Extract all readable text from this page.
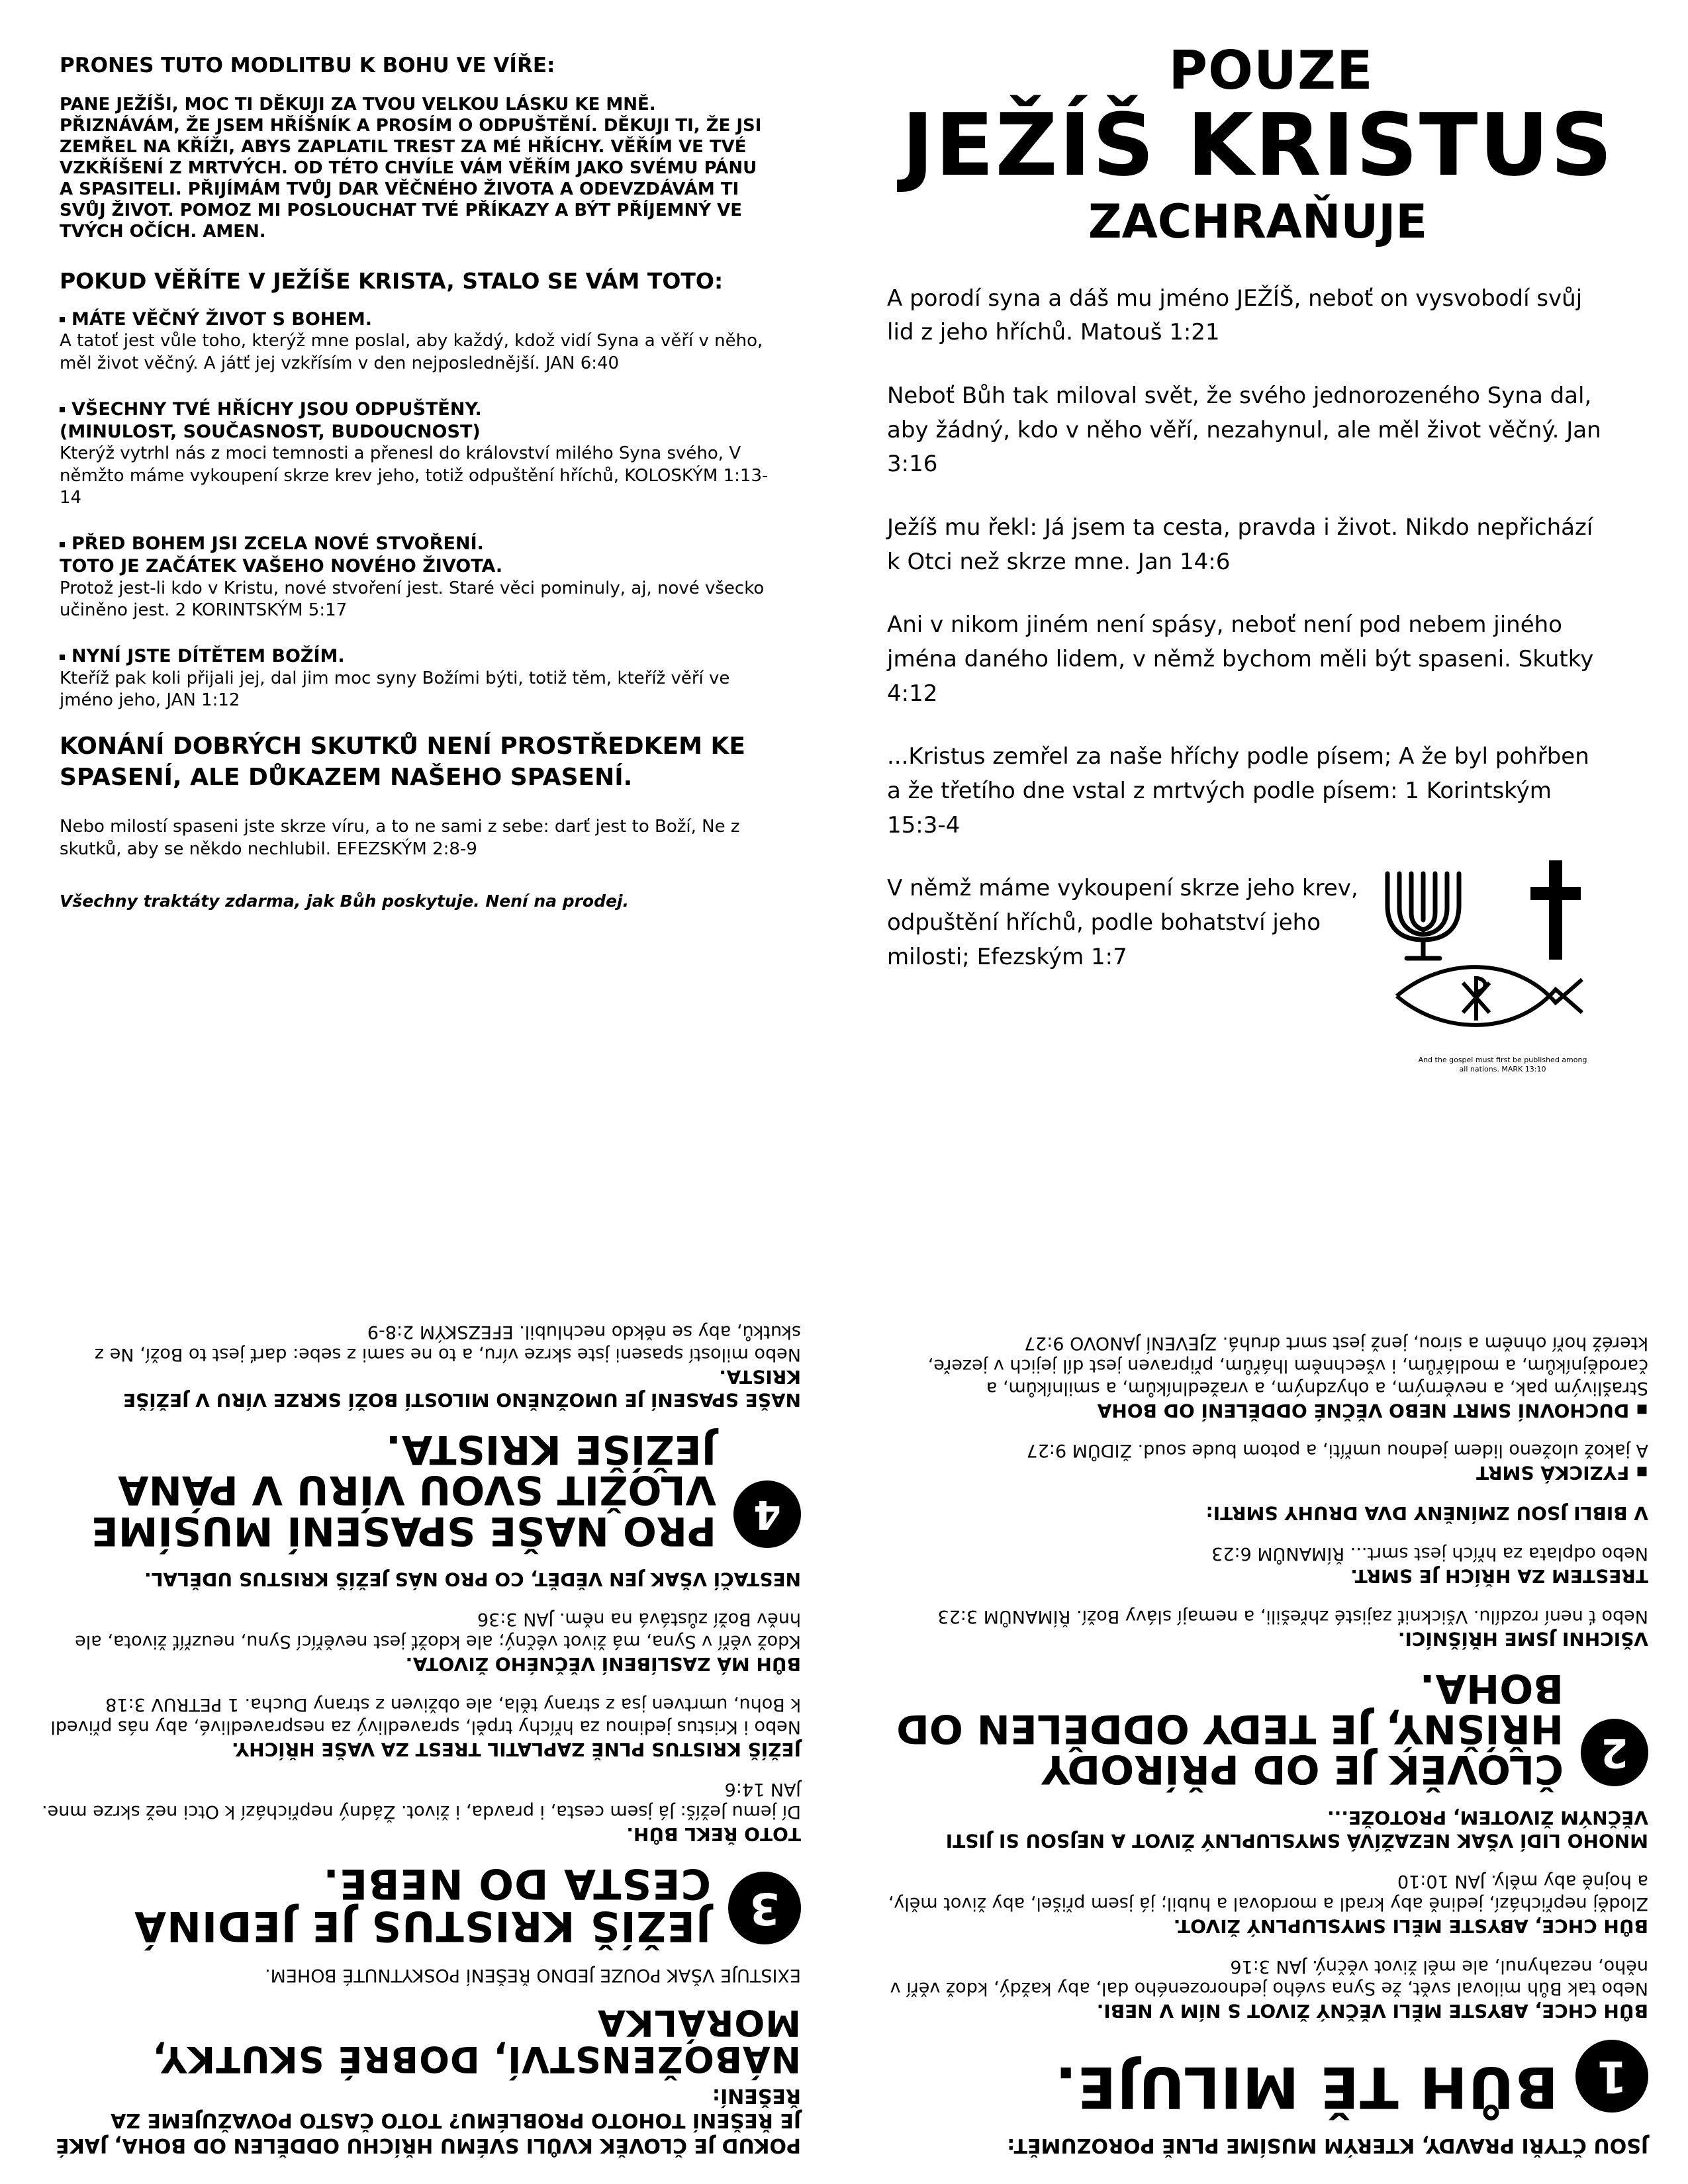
PRONES TUTO MODLITBU K BOHU VE VÍŘE:
PANE JEŽÍŠI, MOC TI DĚKUJI ZA TVOU VELKOU LÁSKU KE MNĚ. PŘIZNÁVÁM, ŽE JSEM HŘÍŠNÍK A PROSÍM O ODPUŠTĚNÍ. DĚKUJI TI, ŽE JSI ZEMŘEL NA KŘÍŽI, ABYS ZAPLATIL TREST ZA MÉ HŘÍCHY. VĚŘÍM VE TVÉ VZKŘÍŠENÍ Z MRTVÝCH. OD TÉTO CHVÍLE VÁM VĚŘÍM JAKO SVÉMU PÁNU A SPASITELI. PŘIJÍMÁM TVŮJ DAR VĚČNÉHO ŽIVOTA A ODEVZDÁVÁM TI SVŮJ ŽIVOT. POMOZ MI POSLOUCHAT TVÉ PŘÍKAZY A BÝT PŘÍJEMNÝ VE TVÝCH OČÍCH. AMEN.
POKUD VĚŘÍTE V JEŽÍŠE KRISTA, STALO SE VÁM TOTO:
MÁTE VĚČNÝ ŽIVOT S BOHEM.
A tatoť jest vůle toho, kterýž mne poslal, aby každý, kdož vidí Syna a věří v něho, měl život věčný. A játť jej vzkřísím v den nejposlednější. JAN 6:40
VŠECHNY TVÉ HŘÍCHY JSOU ODPUŠTĚNY.
(MINULOST, SOUČASNOST, BUDOUCNOST)
Kterýž vytrhl nás z moci temnosti a přenesl do království milého Syna svého, V němžto máme vykoupení skrze krev jeho, totiž odpuštění hříchů, KOLOSKÝM 1:13-14
PŘED BOHEM JSI ZCELA NOVÉ STVOŘENÍ.
TOTO JE ZAČÁTEK VAŠEHO NOVÉHO ŽIVOTA.
Protož jest-li kdo v Kristu, nové stvoření jest. Staré věci pominuly, aj, nové všecko učiněno jest. 2 KORINTSKÝM 5:17
NYNÍ JSTE DÍTĚTEM BOŽÍM.
Kteříž pak koli přijali jej, dal jim moc syny Božími býti, totiž těm, kteříž věří ve jméno jeho, JAN 1:12
KONÁNÍ DOBRÝCH SKUTKŮ NENÍ PROSTŘEDKEM KE SPASENÍ, ALE DŮKAZEM NAŠEHO SPASENÍ.
Nebo milostí spaseni jste skrze víru, a to ne sami z sebe: darť jest to Boží, Ne z skutků, aby se někdo nechlubil. EFEZSKÝM 2:8-9
Všechny traktáty zdarma, jak Bůh poskytuje. Není na prodej.
POUZE
JEŽÍŠ KRISTUS
ZACHRAŇUJE
A porodí syna a dáš mu jméno JEŽÍŠ, neboť on vysvobodí svůj lid z jeho hříchů. Matouš 1:21
Neboť Bůh tak miloval svět, že svého jednorozeného Syna dal, aby žádný, kdo v něho věří, nezahynul, ale měl život věčný. Jan 3:16
Ježíš mu řekl: Já jsem ta cesta, pravda i život. Nikdo nepřichází k Otci než skrze mne. Jan 14:6
Ani v nikom jiném není spásy, neboť není pod nebem jiného jména daného lidem, v němž bychom měli být spaseni. Skutky 4:12
...Kristus zemřel za naše hříchy podle písem; A že byl pohřben a že třetího dne vstal z mrtvých podle písem: 1 Korintským 15:3-4
V němž máme vykoupení skrze jeho krev, odpuštění hříchů, podle bohatství jeho milosti; Efezským 1:7
And the gospel must first be published among all nations. MARK 13:10
POKUD JE ČLOVĚK KVŮLI SVÉMU HŘÍCHU ODDĚLEN OD BOHA, JAKÉ JE ŘEŠENÍ TOHOTO PROBLÉMU? TOTO ČASTO POVAŽUJEME ZA ŘEŠENÍ:
NÁBOŽENSTVÍ, DOBRÉ SKUTKY, MORÁLKA
EXISTUJE VŠAK POUZE JEDNO ŘEŠENÍ POSKYTNUTÉ BOHEM.
3
JEŽÍŠ KRISTUS JE JEDINÁ CESTA DO NEBE.
TOTO ŘEKL BŮH.
Dí jemu Ježíš: Já jsem cesta, i pravda, i život. Žádný nepřichází k Otci než skrze mne. JAN 14:6
JEŽÍŠ KRISTUS PLNĚ ZAPLATIL TREST ZA VAŠE HŘÍCHY.
Nebo i Kristus jedinou za hříchy trpěl, spravedlivý za nespravedlivé, aby nás přivedl k Bohu, umrtven jsa z strany těla, ale obživen z strany Ducha. 1 PETRUV 3:18
BŮH MÁ ZASLÍBENÍ VĚČNÉHO ŽIVOTA.
Kdož věří v Syna, má život věčný; ale kdožť jest nevěřící Synu, neuzříť života, ale hněv Boží zůstává na něm. JAN 3:36
NESTAČÍ VŠAK JEN VĚDĚT, CO PRO NÁS JEŽÍŠ KRISTUS UDĚLAL.
4
PRO NAŠE SPASENÍ MUSÍME VLOŽIT SVOU VÍRU V PÁNA JEŽÍŠE KRISTA.
NAŠE SPASENÍ JE UMOŽNĚNO MILOSTÍ BOŽÍ SKRZE VÍRU V JEŽÍŠE KRISTA.
Nebo milostí spaseni jste skrze víru, a to ne sami z sebe: darť jest to Boží, Ne z skutků, aby se někdo nechlubil. EFEZSKÝM 2:8-9
JSOU ČTYŘI PRAVDY, KTERÝM MUSÍME PLNĚ POROZUMĚT:
1
BŮH TĚ MILUJE.
BŮH CHCE, ABYSTE MĚLI VĚČNÝ ŽIVOT S NÍM V NEBI.
Nebo tak Bůh miloval svět, že Syna svého jednorozeného dal, aby každý, kdož věří v něho, nezahynul, ale měl život věčný. JAN 3:16
BŮH CHCE, ABYSTE MĚLI SMYSLUPLNÝ ŽIVOT.
Zloděj nepřichází, jedině aby kradl a mordoval a hubil; já jsem přišel, aby život měly, a hojně aby měly. JAN 10:10
MNOHO LIDÍ VŠAK NEZAŽÍVÁ SMYSLUPLNÝ ŽIVOT A NEJSOU SI JISTI VĚČNÝM ŽIVOTEM, PROTOŽE...
2
ČLOVĚK JE OD PŘÍRODY HŘÍŠNÝ, JE TEDY ODDĚLEN OD BOHA.
VŠICHNI JSME HŘÍŠNÍCI.
Nebo ť není rozdílu. Všickniť zajisté zhřešili, a nemají slávy Boží. ŘÍMANŮM 3:23
TRESTEM ZA HŘÍCH JE SMRT.
Nebo odplata za hřích jest smrt... ŘÍMANŮM 6:23
V BIBLI JSOU ZMÍNĚNY DVA DRUHY SMRTI:
▪ FYZICKÁ SMRT
A jakož uloženo lidem jednou umříti, a potom bude soud. ŽIDŮM 9:27
▪ DUCHOVNÍ SMRT NEBO VĚČNÉ ODDĚLENÍ OD BOHA
Strašlivým pak, a nevěrným, a ohyzdným, a vražedlníkům, a smilníkům, a čarodějníkům, a modlářům, i všechněm lhářům, připraven jest díl jejich v jezeře, kteréž hoří ohněm a sirou, jenž jest smrt druhá. ZJEVENÍ JANOVO 9:27
